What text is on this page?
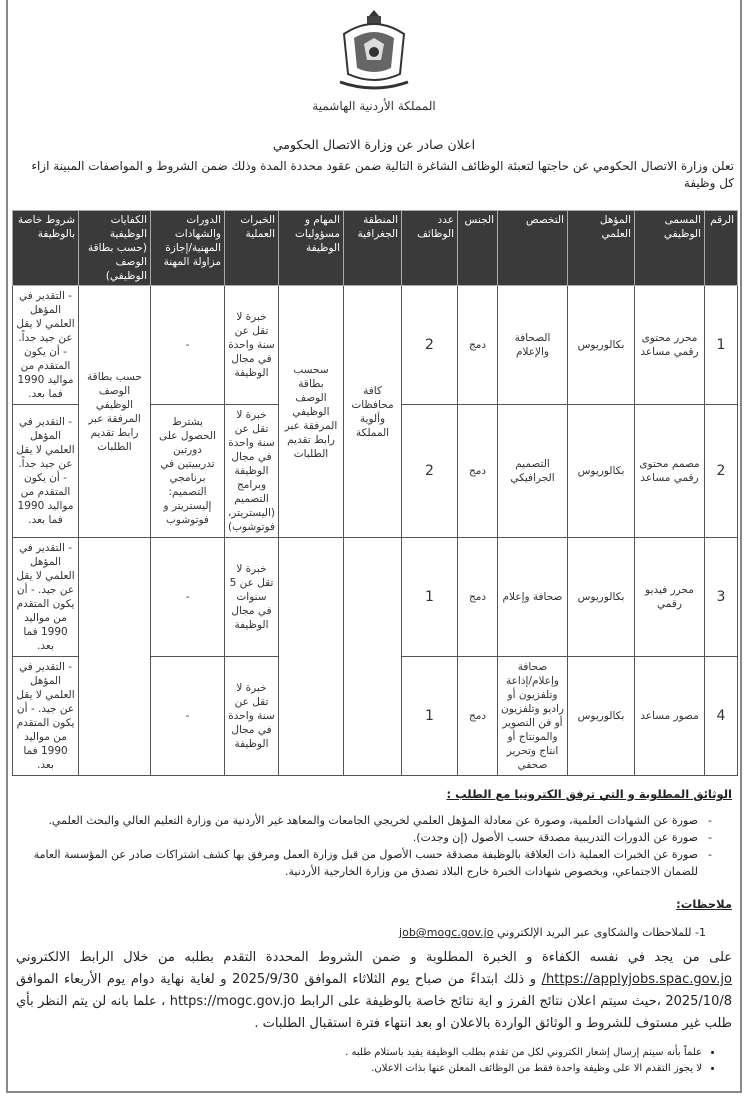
المملكة الأردنية الهاشمية
اعلان صادر عن وزارة الاتصال الحكومي
تعلن وزارة الاتصال الحكومي عن حاجتها لتعبئة الوظائف الشاغرة التالية ضمن عقود محددة المدة وذلك ضمن الشروط و المواصفات المبينة ازاء كل وظيفة
الرقم	المسمى الوظيفي	المؤهل العلمي	التخصص	الجنس	عدد الوظائف	المنطقة الجغرافية	المهام و مسؤوليات الوظيفة	الخبرات العملية	الدورات والشهادات المهنية/إجازة مزاولة المهنة	الكفايات الوظيفية (حسب بطاقة الوصف الوظيفي)	شروط خاصة بالوظيفة
1	محرر محتوى رقمي مساعد	بكالوريوس	الصحافة والإعلام	دمج	2	كافة محافظات وألوية المملكة	سحسب بطاقة الوصف الوظيفي المرفقة عبر رابط تقديم الطلبات	خبرة لا تقل عن سنة واحدة في مجال الوظيفة	-	حسب بطاقة الوصف الوظيفي المرفقة عبر رابط تقديم الطلبات	- التقدير في المؤهل العلمي لا يقل عن جيد جداً. - أن يكون المتقدم من مواليد 1990 فما بعد.
2	مصمم محتوى رقمي مساعد	بكالوريوس	التصميم الجرافيكي	دمج	2			خبرة لا تقل عن سنة واحدة في مجال الوظيفة وبرامج التصميم (اليستريتر، فوتوشوب)	يشترط الحصول على دورتين تدريبيتين في برنامجي التصميم: إليستريتر و فوتوشوب		- التقدير في المؤهل العلمي لا يقل عن جيد جداً. - أن يكون المتقدم من مواليد 1990 فما بعد.
3	محرر فيديو رقمي	بكالوريوس	صحافة وإعلام	دمج	1			خبرة لا تقل عن 5 سنوات في مجال الوظيفة	-		- التقدير في المؤهل العلمي لا يقل عن جيد. - أن يكون المتقدم من مواليد 1990 فما بعد.
4	مصور مساعد	بكالوريوس	صحافة وإعلام/إذاعة وتلفزيون أو راديو وتلفزيون أو فن التصوير والمونتاج أو انتاج وتحرير صحفي	دمج	1			خبرة لا تقل عن سنة واحدة في مجال الوظيفة	-		- التقدير في المؤهل العلمي لا يقل عن جيد. - أن يكون المتقدم من مواليد 1990 فما بعد.
الوثائق المطلوبة و التي ترفق الكترونيا مع الطلب :
- صورة عن الشهادات العلمية، وصورة عن معادلة المؤهل العلمي لخريجي الجامعات والمعاهد غير الأردنية من وزارة التعليم العالي والبحث العلمي.
- صورة عن الدورات التدريبية مصدقة حسب الأصول (إن وجدت).
- صورة عن الخبرات العملية ذات العلاقة بالوظيفة مصدقة حسب الأصول من قبل وزارة العمل ومرفق بها كشف اشتراكات صادر عن المؤسسة العامة للضمان الاجتماعي، وبخصوص شهادات الخبرة خارج البلاد تصدق من وزارة الخارجية الأردنية.
ملاحظات:
1- للملاحظات والشكاوى عبر البريد الإلكتروني job@mogc.gov.jo
على من يجد في نفسه الكفاءة و الخبرة المطلوبة و ضمن الشروط المحددة التقدم بطلبه من خلال الرابط الالكتروني https://applyjobs.spac.gov.jo/ و ذلك ابتداءً من صباح يوم الثلاثاء الموافق 2025/9/30 و لغاية نهاية دوام يوم الأربعاء الموافق 2025/10/8 ،حيث سيتم اعلان نتائج الفرز و اية نتائج خاصة بالوظيفة على الرابط https://mogc.gov.jo ، علما بانه لن يتم النظر بأي طلب غير مستوف للشروط و الوثائق الواردة بالاعلان او بعد انتهاء فترة استقبال الطلبات .
• علماً بأنه سيتم إرسال إشعار الكتروني لكل من تقدم بطلب الوظيفة يفيد باستلام طلبه .
• لا يجوز التقدم الا على وظيفة واحدة فقط من الوظائف المعلن عنها بذات الاعلان.
